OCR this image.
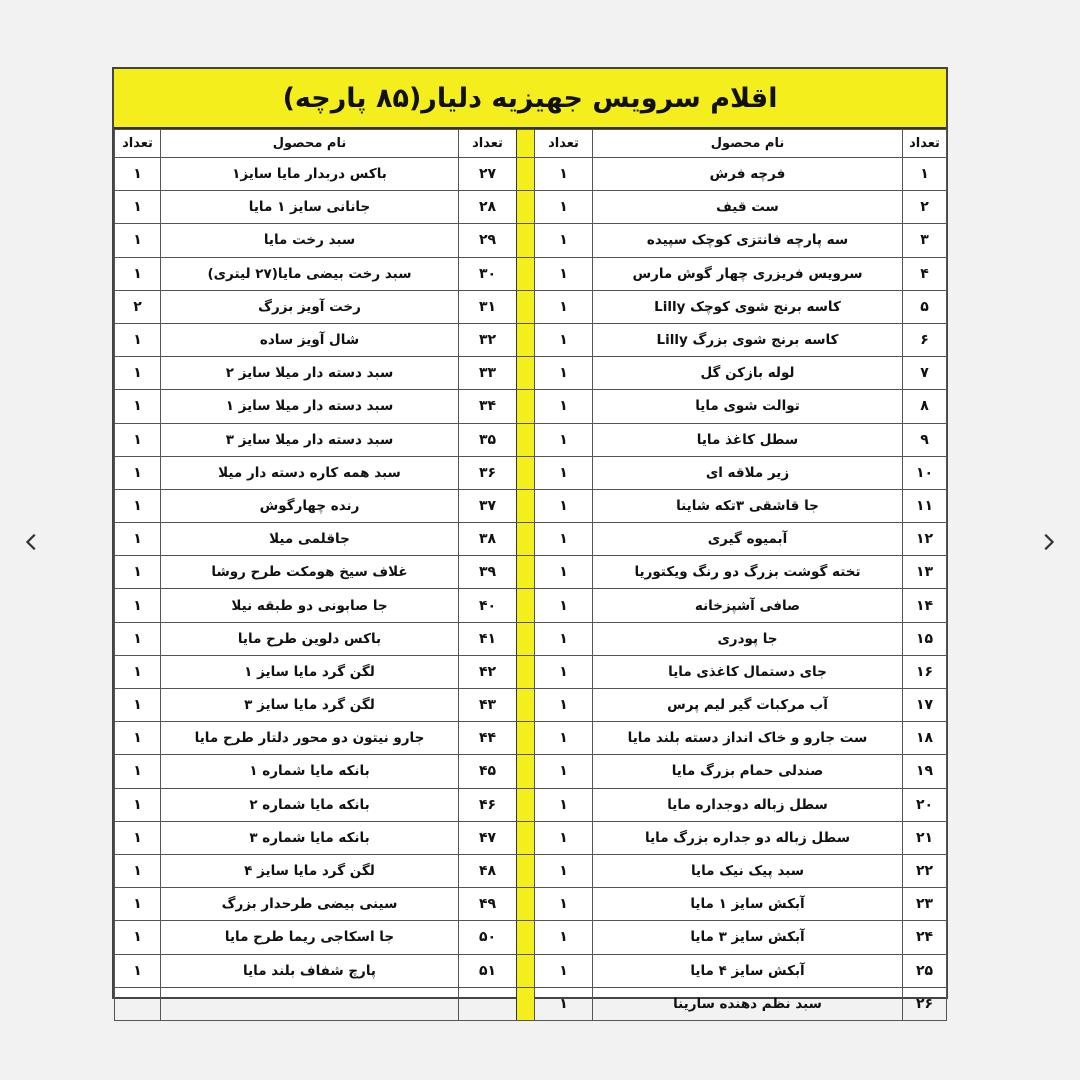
اقلام سرویس جهیزیه دلیار(۸۵ پارچه)
تعداد	نام محصول	تعداد		تعداد	نام محصول	تعداد
۱	فرچه فرش	۱		۲۷	باکس دربدار مایا سایز۱	۱
۲	ست قیف	۱		۲۸	جانانی سایز ۱ مایا	۱
۳	سه پارچه فانتزی کوچک سپیده	۱		۲۹	سبد رخت مایا	۱
۴	سرویس فریزری چهار گوش مارس	۱		۳۰	سبد رخت بیضی مایا(۲۷ لیتری)	۱
۵	کاسه برنج شوی کوچک Lilly	۱		۳۱	رخت آویز بزرگ	۲
۶	کاسه برنج شوی بزرگ Lilly	۱		۳۲	شال آویز ساده	۱
۷	لوله بازکن گل	۱		۳۳	سبد دسته دار میلا سایز ۲	۱
۸	توالت شوی مایا	۱		۳۴	سبد دسته دار میلا سایز ۱	۱
۹	سطل کاغذ مایا	۱		۳۵	سبد دسته دار میلا سایز ۳	۱
۱۰	زیر ملاقه ای	۱		۳۶	سبد همه کاره دسته دار میلا	۱
۱۱	جا قاشقی ۳تکه شاینا	۱		۳۷	رنده چهارگوش	۱
۱۲	آبمیوه گیری	۱		۳۸	جاقلمی میلا	۱
۱۳	تخته گوشت بزرگ دو رنگ ویکتوریا	۱		۳۹	غلاف سیخ هومکت طرح روشا	۱
۱۴	صافی آشپزخانه	۱		۴۰	جا صابونی دو طبقه نیلا	۱
۱۵	جا پودری	۱		۴۱	باکس دلوین طرح مایا	۱
۱۶	جای دستمال کاغذی مایا	۱		۴۲	لگن گرد مایا سایز ۱	۱
۱۷	آب مرکبات گیر لیم پرس	۱		۴۳	لگن گرد مایا سایز ۳	۱
۱۸	ست جارو و خاک انداز دسته بلند مایا	۱		۴۴	جارو نیتون دو محور دلتار طرح مایا	۱
۱۹	صندلی حمام بزرگ مایا	۱		۴۵	بانکه مایا شماره ۱	۱
۲۰	سطل زباله دوجداره مایا	۱		۴۶	بانکه مایا شماره ۲	۱
۲۱	سطل زباله دو جداره بزرگ مایا	۱		۴۷	بانکه مایا شماره ۳	۱
۲۲	سبد پیک نیک مایا	۱		۴۸	لگن گرد مایا سایز ۴	۱
۲۳	آبکش سایز ۱ مایا	۱		۴۹	سینی بیضی طرحدار بزرگ	۱
۲۴	آبکش سایز ۳ مایا	۱		۵۰	جا اسکاجی ریما طرح مایا	۱
۲۵	آبکش سایز ۴ مایا	۱		۵۱	پارچ شفاف بلند مایا	۱
۲۶	سبد نظم دهنده سارینا	۱				
